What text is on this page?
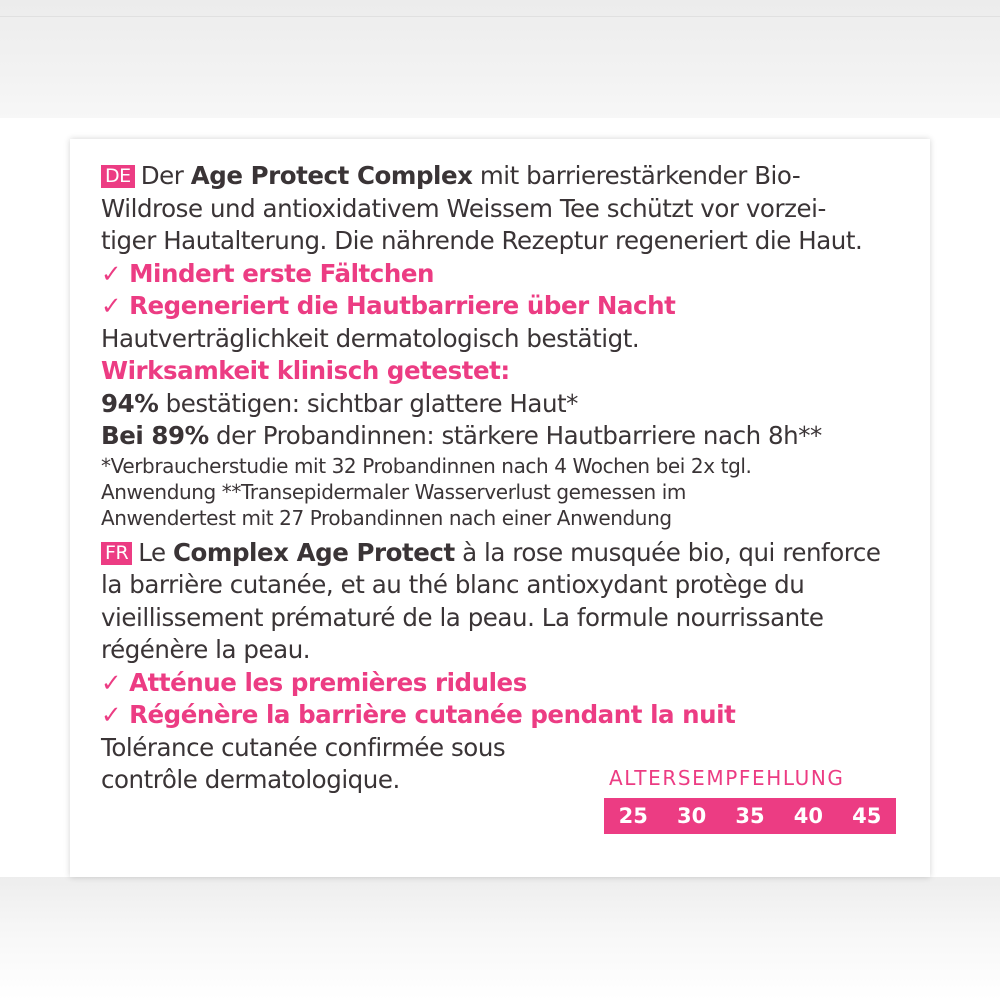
DE Der Age Protect Complex mit barrierestärkender Bio-
Wildrose und antioxidativem Weissem Tee schützt vor vorzei-
tiger Hautalterung. Die nährende Rezeptur regeneriert die Haut.
✓ Mindert erste Fältchen
✓ Regeneriert die Hautbarriere über Nacht
Hautverträglichkeit dermatologisch bestätigt.
Wirksamkeit klinisch getestet:
94% bestätigen: sichtbar glattere Haut*
Bei 89% der Probandinnen: stärkere Hautbarriere nach 8h**
*Verbraucherstudie mit 32 Probandinnen nach 4 Wochen bei 2x tgl.
Anwendung **Transepidermaler Wasserverlust gemessen im
Anwendertest mit 27 Probandinnen nach einer Anwendung
FR Le Complex Age Protect à la rose musquée bio, qui renforce
la barrière cutanée, et au thé blanc antioxydant protège du
vieillissement prématuré de la peau. La formule nourrissante
régénère la peau.
✓ Atténue les premières ridules
✓ Régénère la barrière cutanée pendant la nuit
Tolérance cutanée confirmée sous
contrôle dermatologique.	ALTERSEMPFEHLUNG
25 30 35 40 45
